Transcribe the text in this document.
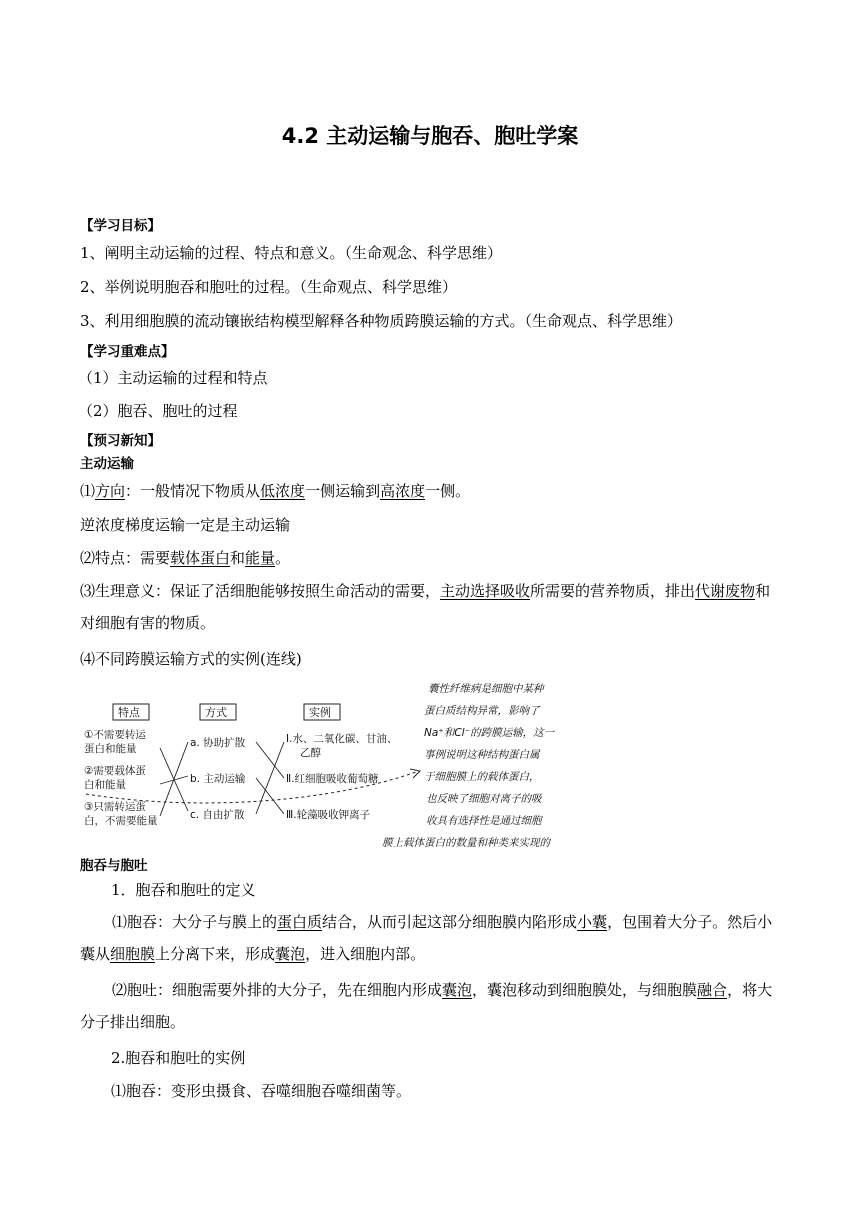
4.2 主动运输与胞吞、胞吐学案
【学习目标】
1、阐明主动运输的过程、特点和意义。（生命观念、科学思维）
2、举例说明胞吞和胞吐的过程。（生命观点、科学思维）
3、利用细胞膜的流动镶嵌结构模型解释各种物质跨膜运输的方式。（生命观点、科学思维）
【学习重难点】
（1）主动运输的过程和特点
（2）胞吞、胞吐的过程
【预习新知】
主动运输
⑴方向：一般情况下物质从低浓度一侧运输到高浓度一侧。
逆浓度梯度运输一定是主动运输
⑵特点：需要载体蛋白和能量。
⑶生理意义：保证了活细胞能够按照生命活动的需要，主动选择吸收所需要的营养物质，排出代谢废物和对细胞有害的物质。
⑷不同跨膜运输方式的实例(连线)
特点	方式	实例
①不需要转运
蛋白和能量
②需要载体蛋
白和能量
③只需转运蛋
白，不需要能量
a. 协助扩散
b. 主动运输
c. 自由扩散
Ⅰ.水、二氧化碳、甘油、
乙醇
Ⅱ.红细胞吸收葡萄糖
Ⅲ.轮藻吸收钾离子
囊性纤维病是细胞中某种
蛋白质结构异常，影响了
Na⁺和Cl⁻的跨膜运输，这一
事例说明这种结构蛋白属
于细胞膜上的载体蛋白，
也反映了细胞对离子的吸
收具有选择性是通过细胞
膜上载体蛋白的数量和种类来实现的
胞吞与胞吐
1．胞吞和胞吐的定义
⑴胞吞：大分子与膜上的蛋白质结合，从而引起这部分细胞膜内陷形成小囊，包围着大分子。然后小囊从细胞膜上分离下来，形成囊泡，进入细胞内部。
⑵胞吐：细胞需要外排的大分子，先在细胞内形成囊泡，囊泡移动到细胞膜处，与细胞膜融合，将大分子排出细胞。
2.胞吞和胞吐的实例
⑴胞吞：变形虫摄食、吞噬细胞吞噬细菌等。
